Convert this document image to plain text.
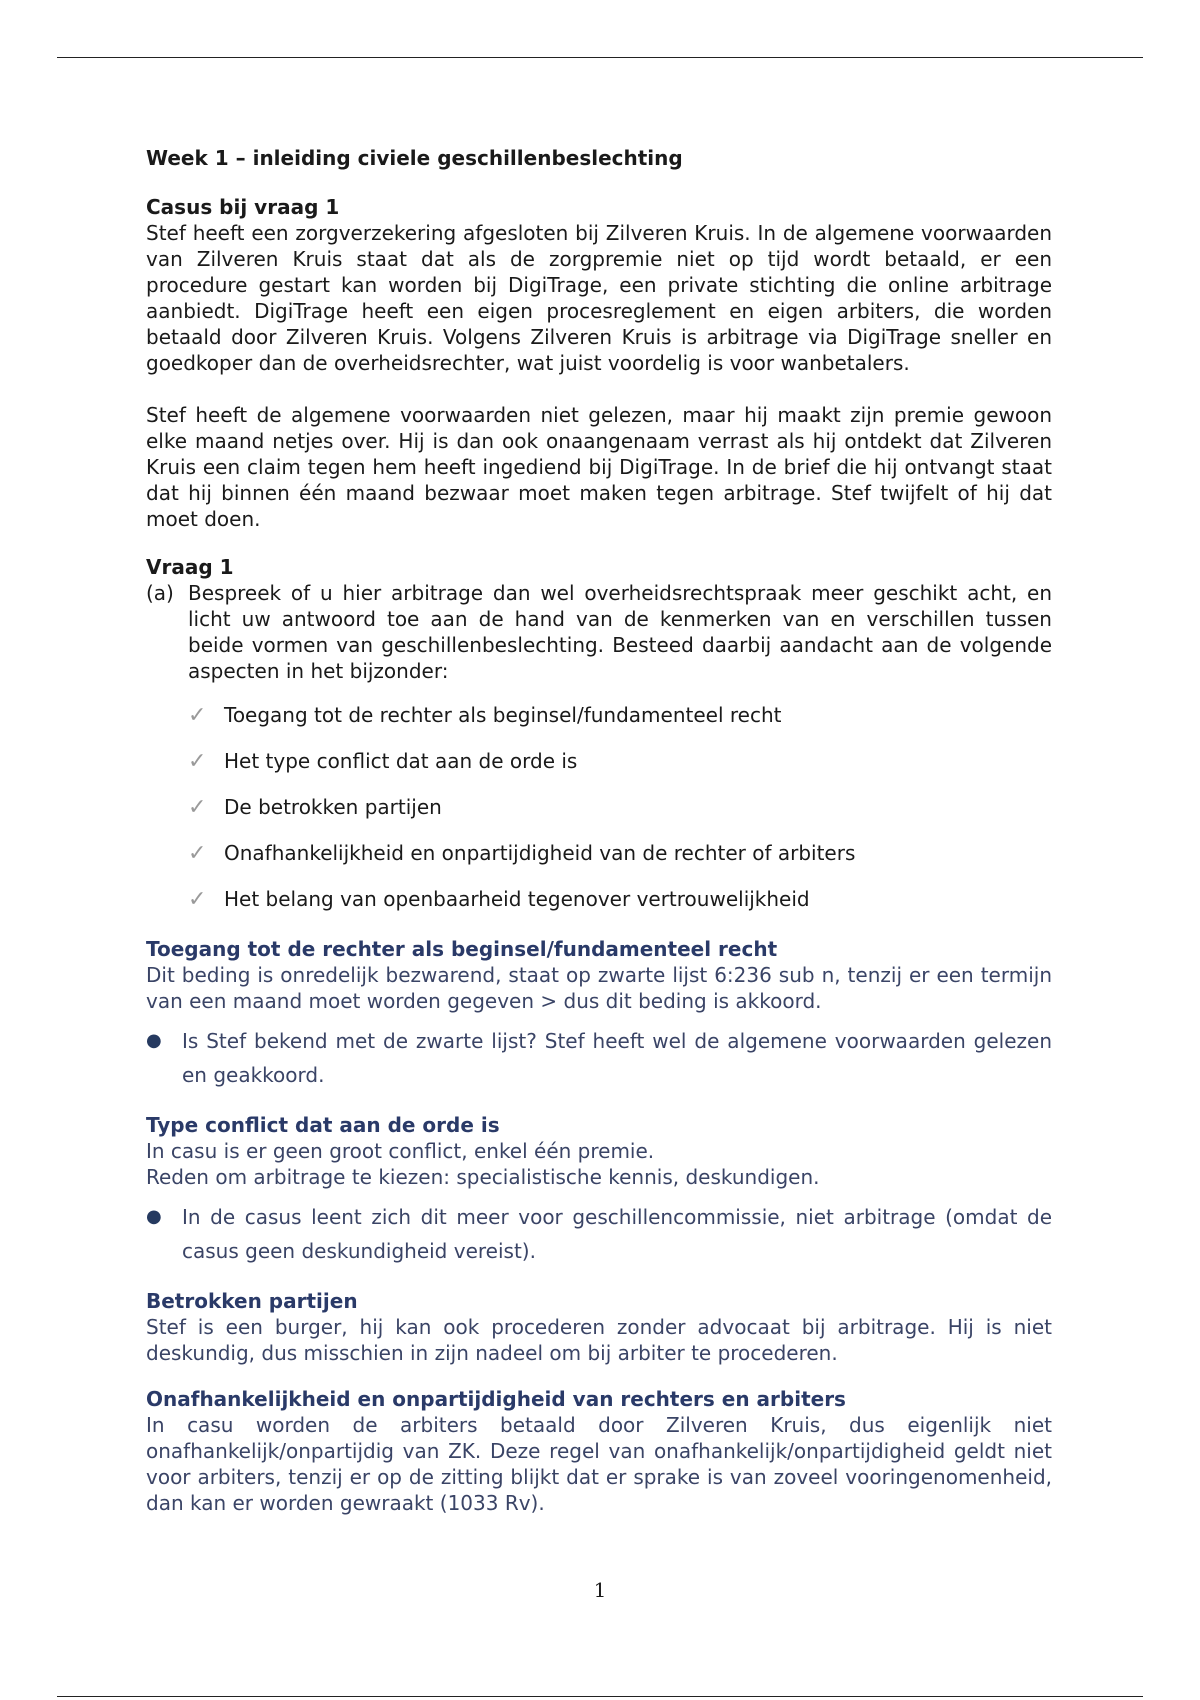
Week 1 – inleiding civiele geschillenbeslechting
Casus bij vraag 1

Stef heeft een zorgverzekering afgesloten bij Zilveren Kruis. In de algemene voorwaarden van Zilveren Kruis staat dat als de zorgpremie niet op tijd wordt betaald, er een procedure gestart kan worden bij DigiTrage, een private stichting die online arbitrage aanbiedt. DigiTrage heeft een eigen procesreglement en eigen arbiters, die worden betaald door Zilveren Kruis. Volgens Zilveren Kruis is arbitrage via DigiTrage sneller en goedkoper dan de overheidsrechter, wat juist voordelig is voor wanbetalers.

Stef heeft de algemene voorwaarden niet gelezen, maar hij maakt zijn premie gewoon elke maand netjes over. Hij is dan ook onaangenaam verrast als hij ontdekt dat Zilveren Kruis een claim tegen hem heeft ingediend bij DigiTrage. In de brief die hij ontvangt staat dat hij binnen één maand bezwaar moet maken tegen arbitrage. Stef twijfelt of hij dat moet doen.

Vraag 1
(a) Bespreek of u hier arbitrage dan wel overheidsrechtspraak meer geschikt acht, en licht uw antwoord toe aan de hand van de kenmerken van en verschillen tussen beide vormen van geschillenbeslechting. Besteed daarbij aandacht aan de volgende aspecten in het bijzonder:
✓ Toegang tot de rechter als beginsel/fundamenteel recht
✓ Het type conflict dat aan de orde is
✓ De betrokken partijen
✓ Onafhankelijkheid en onpartijdigheid van de rechter of arbiters
✓ Het belang van openbaarheid tegenover vertrouwelijkheid
Toegang tot de rechter als beginsel/fundamenteel recht

Dit beding is onredelijk bezwarend, staat op zwarte lijst 6:236 sub n, tenzij er een termijn van een maand moet worden gegeven > dus dit beding is akkoord.

●	Is Stef bekend met de zwarte lijst? Stef heeft wel de algemene voorwaarden gelezen en geakkoord.
Type conflict dat aan de orde is

In casu is er geen groot conflict, enkel één premie.

Reden om arbitrage te kiezen: specialistische kennis, deskundigen.

●	In de casus leent zich dit meer voor geschillencommissie, niet arbitrage (omdat de casus geen deskundigheid vereist).
Betrokken partijen

Stef is een burger, hij kan ook procederen zonder advocaat bij arbitrage. Hij is niet deskundig, dus misschien in zijn nadeel om bij arbiter te procederen.

Onafhankelijkheid en onpartijdigheid van rechters en arbiters

In casu worden de arbiters betaald door Zilveren Kruis, dus eigenlijk niet onafhankelijk/onpartijdig van ZK. Deze regel van onafhankelijk/onpartijdigheid geldt niet voor arbiters, tenzij er op de zitting blijkt dat er sprake is van zoveel vooringenomenheid, dan kan er worden gewraakt (1033 Rv).

1
